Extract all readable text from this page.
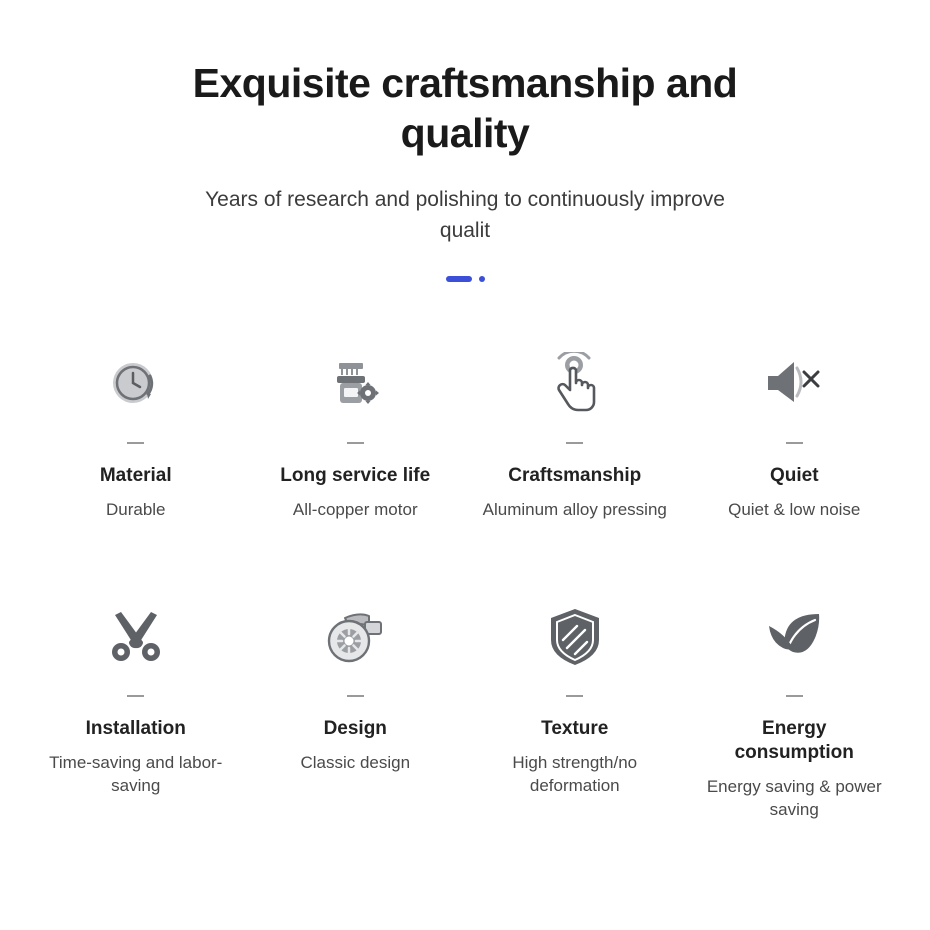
Exquisite craftsmanship and quality

Years of research and polishing to continuously improve qualit

Material
Durable
Long service life
All-copper motor
Craftsmanship
Aluminum alloy pressing
Quiet
Quiet & low noise
Installation
Time-saving and labor-saving
Design
Classic design
Texture
High strength/no deformation
Energy consumption
Energy saving & power saving
